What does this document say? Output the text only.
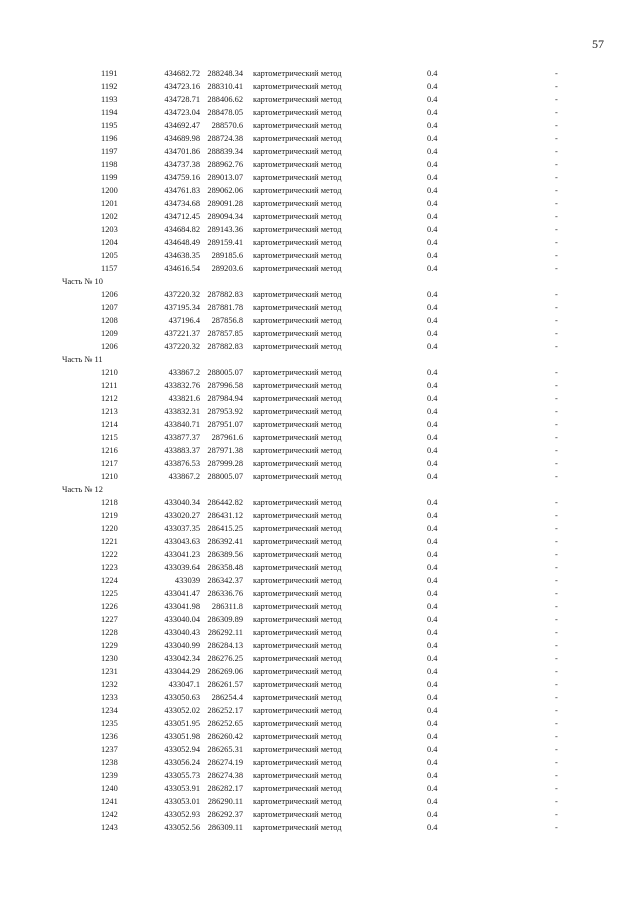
57
1191	434682.72 288248.34 картометрический метод	0.4	-
1192	434723.16 288310.41 картометрический метод	0.4	-
1193	434728.71 288406.62 картометрический метод	0.4	-
1194	434723.04 288478.05 картометрический метод	0.4	-
1195	434692.47	288570.6 картометрический метод	0.4	-
1196	434689.98 288724.38 картометрический метод	0.4	-
1197	434701.86 288839.34 картометрический метод	0.4	-
1198	434737.38 288962.76 картометрический метод	0.4	-
1199	434759.16 289013.07 картометрический метод	0.4	-
1200	434761.83 289062.06 картометрический метод	0.4	-
1201	434734.68 289091.28 картометрический метод	0.4	-
1202	434712.45 289094.34 картометрический метод	0.4	-
1203	434684.82 289143.36 картометрический метод	0.4	-
1204	434648.49 289159.41 картометрический метод	0.4	-
1205	434638.35	289185.6 картометрический метод	0.4	-
1157	434616.54	289203.6 картометрический метод	0.4	-
Часть № 10
1206	437220.32 287882.83 картометрический метод	0.4	-
1207	437195.34 287881.78 картометрический метод	0.4	-
1208	437196.4	287856.8 картометрический метод	0.4	-
1209	437221.37 287857.85 картометрический метод	0.4	-
1206	437220.32 287882.83 картометрический метод	0.4	-
Часть № 11
1210	433867.2 288005.07 картометрический метод	0.4	-
1211	433832.76 287996.58 картометрический метод	0.4	-
1212	433821.6 287984.94 картометрический метод	0.4	-
1213	433832.31 287953.92 картометрический метод	0.4	-
1214	433840.71 287951.07 картометрический метод	0.4	-
1215	433877.37	287961.6 картометрический метод	0.4	-
1216	433883.37 287971.38 картометрический метод	0.4	-
1217	433876.53 287999.28 картометрический метод	0.4	-
1210	433867.2 288005.07 картометрический метод	0.4	-
Часть № 12
1218	433040.34 286442.82 картометрический метод	0.4	-
1219	433020.27 286431.12 картометрический метод	0.4	-
1220	433037.35 286415.25 картометрический метод	0.4	-
1221	433043.63 286392.41 картометрический метод	0.4	-
1222	433041.23 286389.56 картометрический метод	0.4	-
1223	433039.64 286358.48 картометрический метод	0.4	-
1224	433039 286342.37 картометрический метод	0.4	-
1225	433041.47 286336.76 картометрический метод	0.4	-
1226	433041.98	286311.8 картометрический метод	0.4	-
1227	433040.04 286309.89 картометрический метод	0.4	-
1228	433040.43 286292.11 картометрический метод	0.4	-
1229	433040.99 286284.13 картометрический метод	0.4	-
1230	433042.34 286276.25 картометрический метод	0.4	-
1231	433044.29 286269.06 картометрический метод	0.4	-
1232	433047.1 286261.57 картометрический метод	0.4	-
1233	433050.63	286254.4 картометрический метод	0.4	-
1234	433052.02 286252.17 картометрический метод	0.4	-
1235	433051.95 286252.65 картометрический метод	0.4	-
1236	433051.98 286260.42 картометрический метод	0.4	-
1237	433052.94 286265.31 картометрический метод	0.4	-
1238	433056.24 286274.19 картометрический метод	0.4	-
1239	433055.73 286274.38 картометрический метод	0.4	-
1240	433053.91 286282.17 картометрический метод	0.4	-
1241	433053.01 286290.11 картометрический метод	0.4	-
1242	433052.93 286292.37 картометрический метод	0.4	-
1243	433052.56 286309.11 картометрический метод	0.4	-
